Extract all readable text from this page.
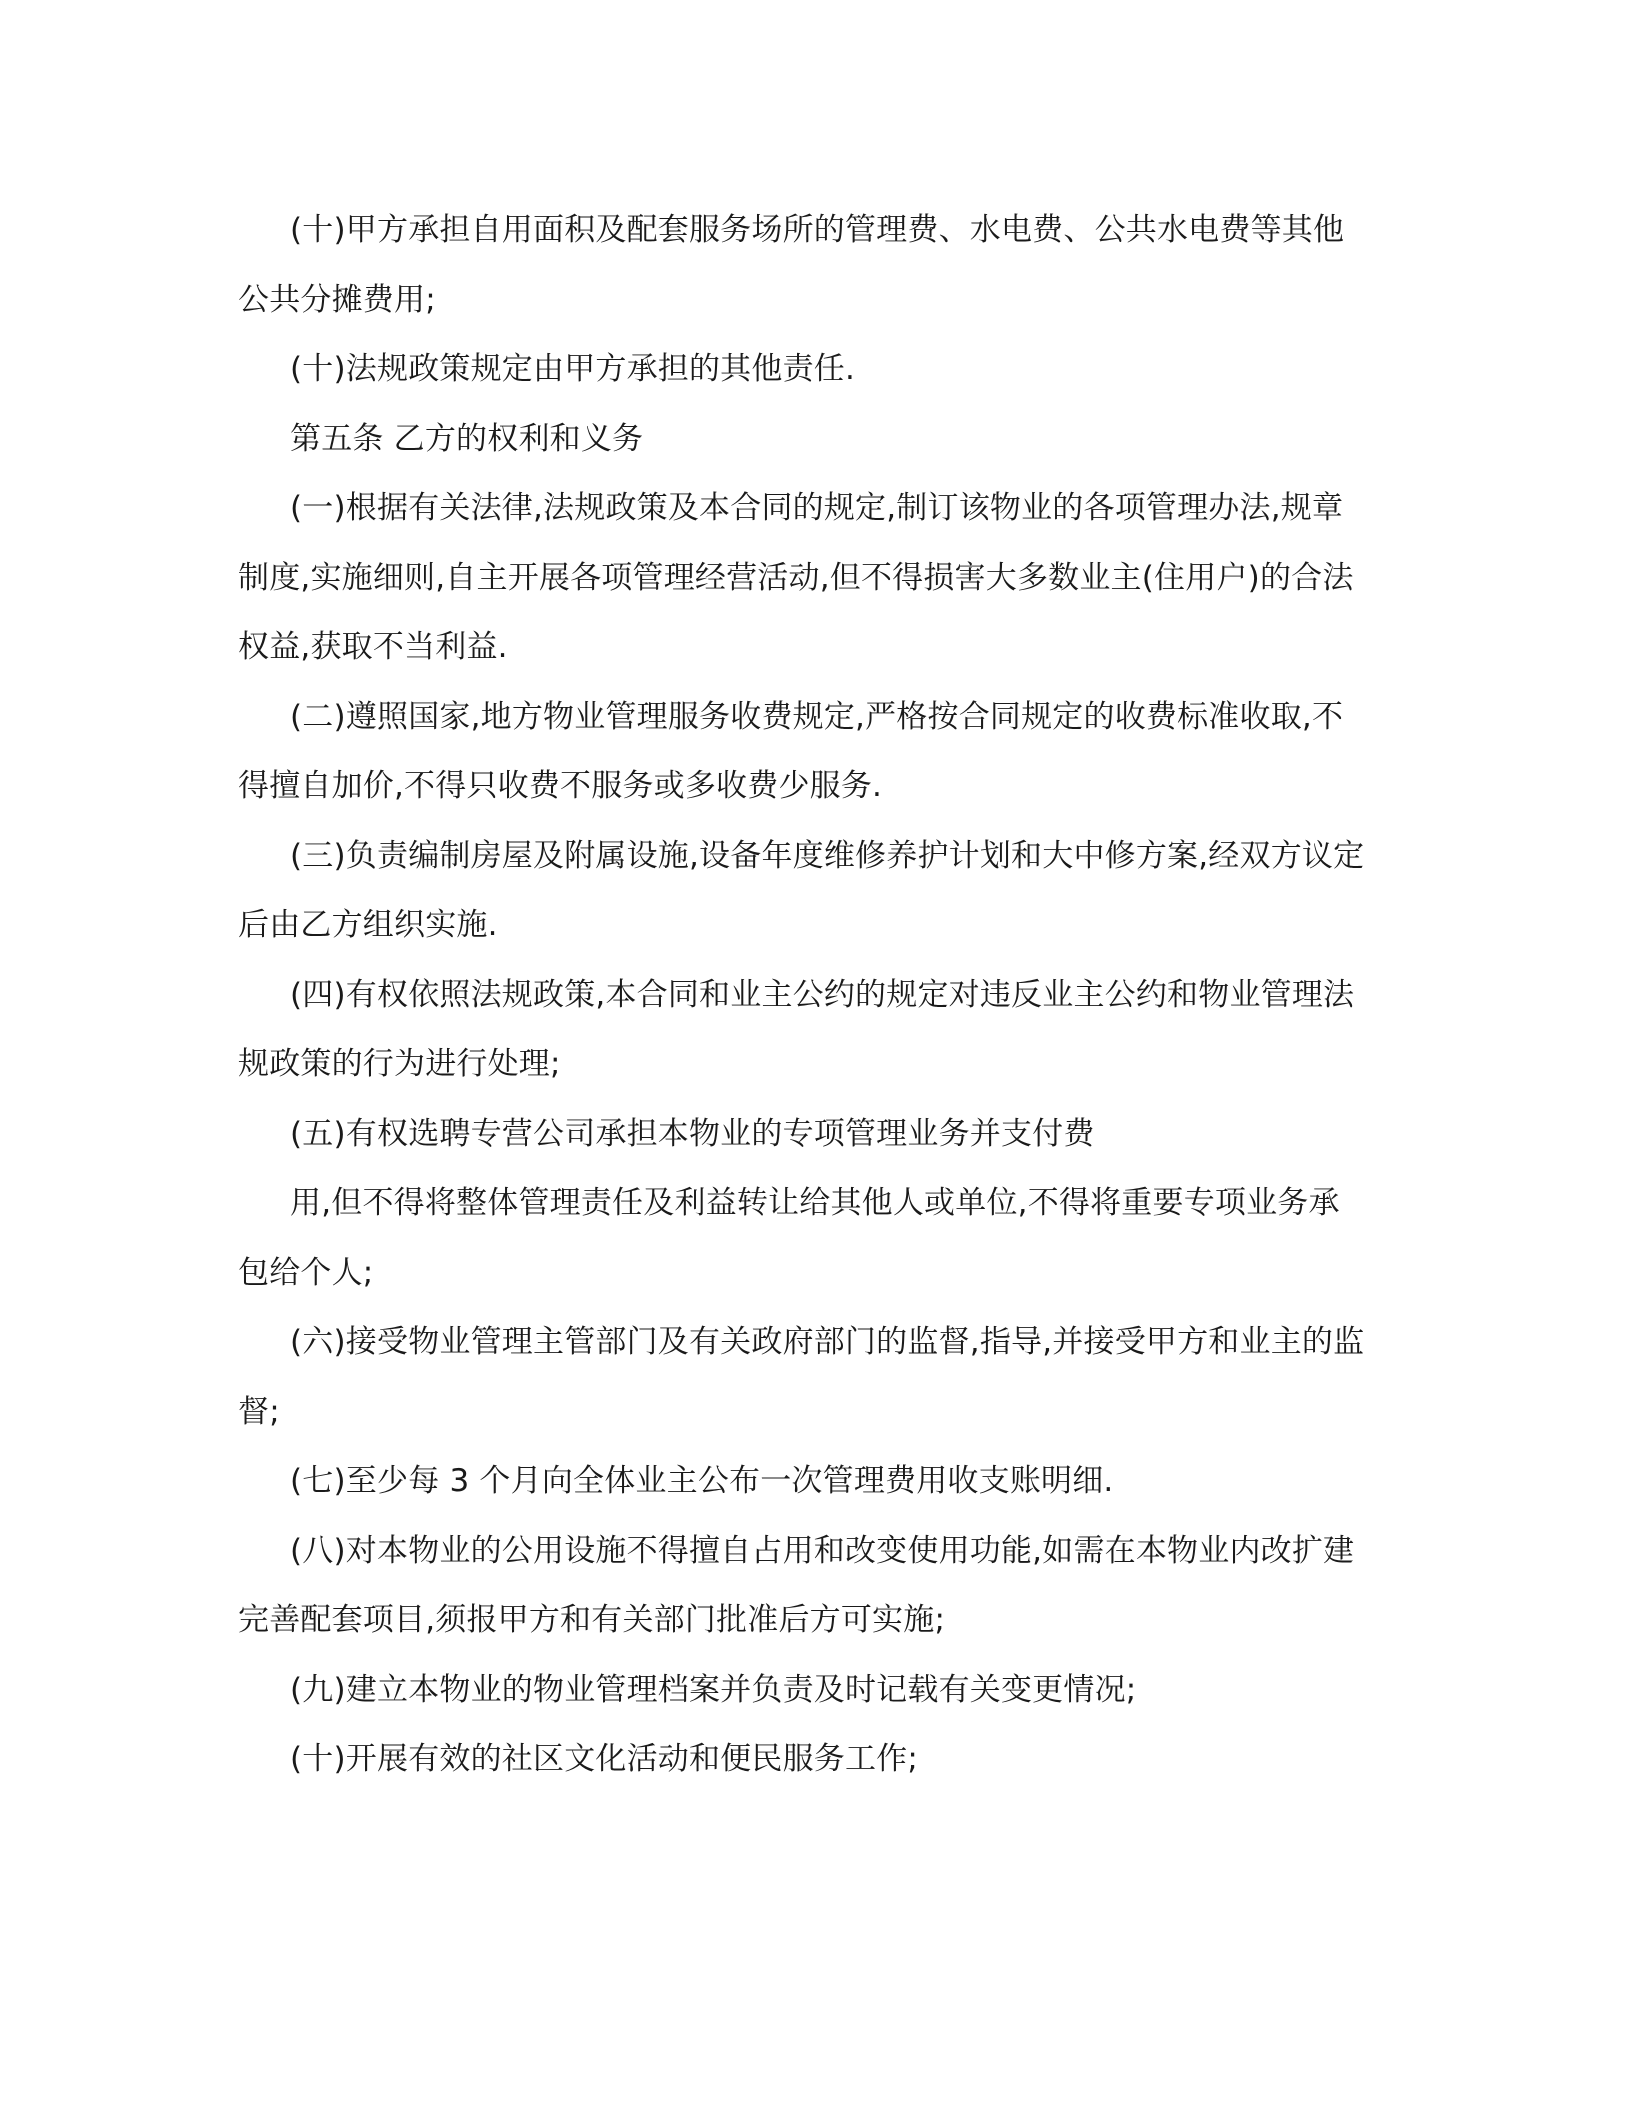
(十)甲方承担自用面积及配套服务场所的管理费、水电费、公共水电费等其他
公共分摊费用;
(十)法规政策规定由甲方承担的其他责任.
第五条 乙方的权利和义务
(一)根据有关法律,法规政策及本合同的规定,制订该物业的各项管理办法,规章
制度,实施细则,自主开展各项管理经营活动,但不得损害大多数业主(住用户)的合法
权益,获取不当利益.
(二)遵照国家,地方物业管理服务收费规定,严格按合同规定的收费标准收取,不
得擅自加价,不得只收费不服务或多收费少服务.
(三)负责编制房屋及附属设施,设备年度维修养护计划和大中修方案,经双方议定
后由乙方组织实施.
(四)有权依照法规政策,本合同和业主公约的规定对违反业主公约和物业管理法
规政策的行为进行处理;
(五)有权选聘专营公司承担本物业的专项管理业务并支付费
用,但不得将整体管理责任及利益转让给其他人或单位,不得将重要专项业务承
包给个人;
(六)接受物业管理主管部门及有关政府部门的监督,指导,并接受甲方和业主的监
督;
(七)至少每 3 个月向全体业主公布一次管理费用收支账明细.
(八)对本物业的公用设施不得擅自占用和改变使用功能,如需在本物业内改扩建
完善配套项目,须报甲方和有关部门批准后方可实施;
(九)建立本物业的物业管理档案并负责及时记载有关变更情况;
(十)开展有效的社区文化活动和便民服务工作;
